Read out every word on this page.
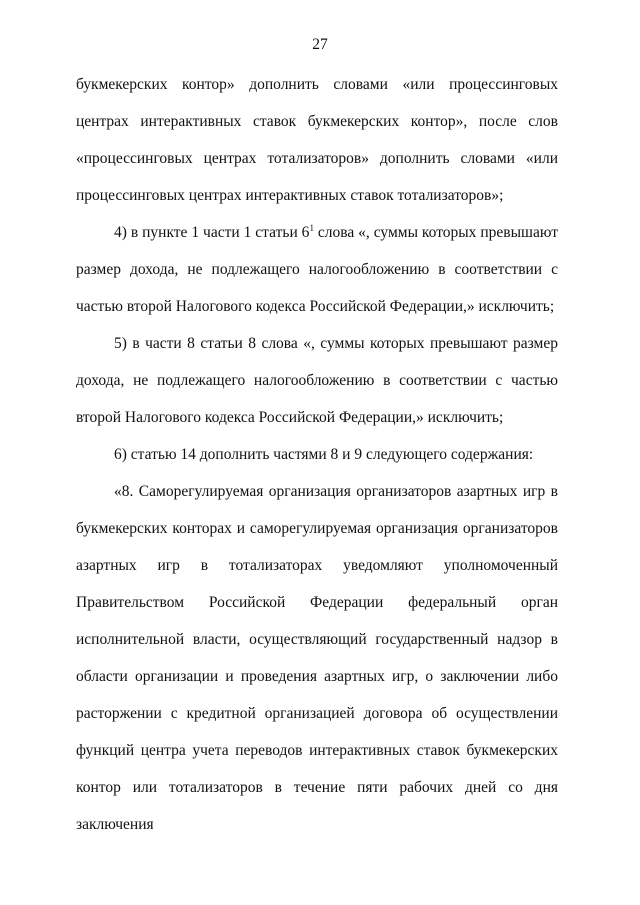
27

букмекерских контор» дополнить словами «или процессинговых центрах интерактивных ставок букмекерских контор», после слов «процессинговых центрах тотализаторов» дополнить словами «или процессинговых центрах интерактивных ставок тотализаторов»;

4) в пункте 1 части 1 статьи $6^1$ слова «, суммы которых превышают размер дохода, не подлежащего налогообложению в соответствии с частью второй Налогового кодекса Российской Федерации,» исключить;

5) в части 8 статьи 8 слова «, суммы которых превышают размер дохода, не подлежащего налогообложению в соответствии с частью второй Налогового кодекса Российской Федерации,» исключить;

6) статью 14 дополнить частями 8 и 9 следующего содержания:

«8. Саморегулируемая организация организаторов азартных игр в букмекерских конторах и саморегулируемая организация организаторов азартных игр в тотализаторах уведомляют уполномоченный Правительством Российской Федерации федеральный орган исполнительной власти, осуществляющий государственный надзор в области организации и проведения азартных игр, о заключении либо расторжении с кредитной организацией договора об осуществлении функций центра учета переводов интерактивных ставок букмекерских контор или тотализаторов в течение пяти рабочих дней со дня заключения
